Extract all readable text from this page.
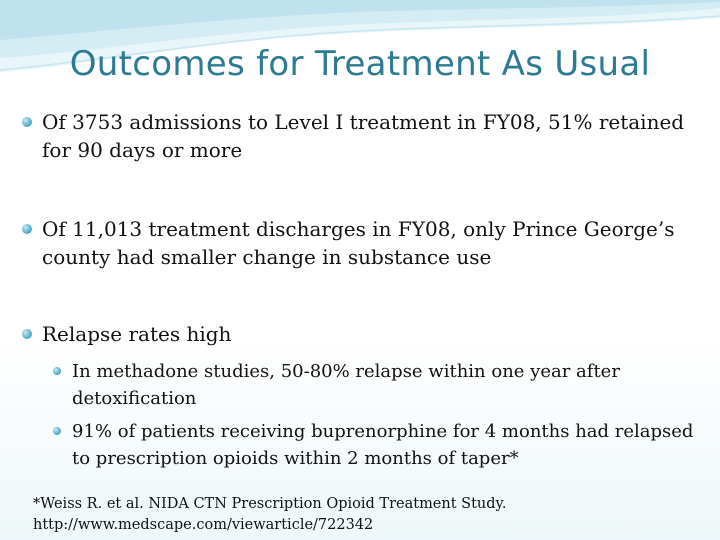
Outcomes for Treatment As Usual

Of 3753 admissions to Level I treatment in FY08, 51% retained for 90 days or more

Of 11,013 treatment discharges in FY08, only Prince George’s county had smaller change in substance use

Relapse rates high

In methadone studies, 50-80% relapse within one year after detoxification

91% of patients receiving buprenorphine for 4 months had relapsed to prescription opioids within 2 months of taper*

*Weiss R. et al. NIDA CTN Prescription Opioid Treatment Study.
http://www.medscape.com/viewarticle/722342
